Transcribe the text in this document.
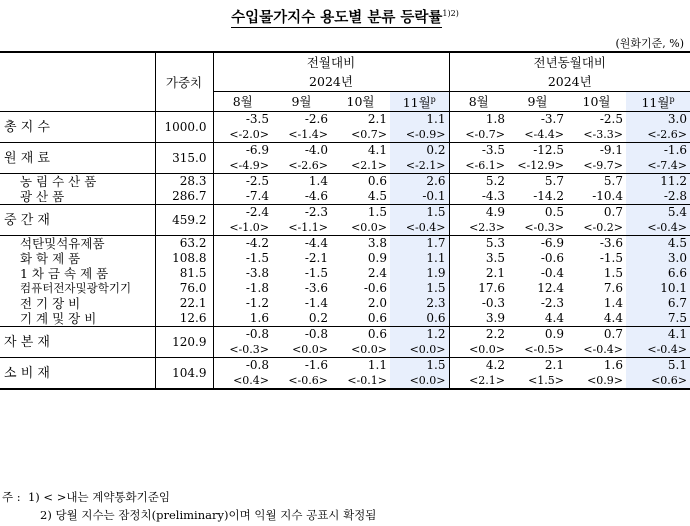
수입물가지수 용도별 분류 등락률$^{1)2)}$
(원화기준, %)
	가중치	전월대비				전년동월대비			
		2024년				2024년			
		8월	9월	10월	11월$^p$	8월	9월	10월	11월$^p$
총 지 수	1000.0	-3.5	-2.6	2.1	1.1	1.8	-3.7	-2.5	3.0
		<-2.0>	<-1.4>	<0.7>	<-0.9>	<-0.7>	<-4.4>	<-3.3>	<-2.6>
원 재 료	315.0	-6.9	-4.0	4.1	0.2	-3.5	-12.5	-9.1	-1.6
		<-4.9>	<-2.6>	<2.1>	<-2.1>	<-6.1>	<-12.9>	<-9.7>	<-7.4>
농 림 수 산 품	28.3	-2.5	1.4	0.6	2.6	5.2	5.7	5.7	11.2
광 산 품	286.7	-7.4	-4.6	4.5	-0.1	-4.3	-14.2	-10.4	-2.8
중 간 재	459.2	-2.4	-2.3	1.5	1.5	4.9	0.5	0.7	5.4
		<-1.0>	<-1.1>	<0.0>	<-0.4>	<2.3>	<-0.3>	<-0.2>	<-0.4>
석탄및석유제품	63.2	-4.2	-4.4	3.8	1.7	5.3	-6.9	-3.6	4.5
화 학 제 품	108.8	-1.5	-2.1	0.9	1.1	3.5	-0.6	-1.5	3.0
1 차 금 속 제 품	81.5	-3.8	-1.5	2.4	1.9	2.1	-0.4	1.5	6.6
컴퓨터전자및광학기기	76.0	-1.8	-3.6	-0.6	1.5	17.6	12.4	7.6	10.1
전 기 장 비	22.1	-1.2	-1.4	2.0	2.3	-0.3	-2.3	1.4	6.7
기 계 및 장 비	12.6	1.6	0.2	0.6	0.6	3.9	4.4	4.4	7.5
자 본 재	120.9	-0.8	-0.8	0.6	1.2	2.2	0.9	0.7	4.1
		<-0.3>	<0.0>	<0.0>	<0.0>	<0.0>	<-0.5>	<-0.4>	<-0.4>
소 비 재	104.9	-0.8	-1.6	1.1	1.5	4.2	2.1	1.6	5.1
		<0.4>	<-0.6>	<-0.1>	<0.0>	<2.1>	<1.5>	<0.9>	<0.6>
주 : 1) < >내는 계약통화기준임
2) 당월 지수는 잠정치(preliminary)이며 익월 지수 공표시 확정됨
